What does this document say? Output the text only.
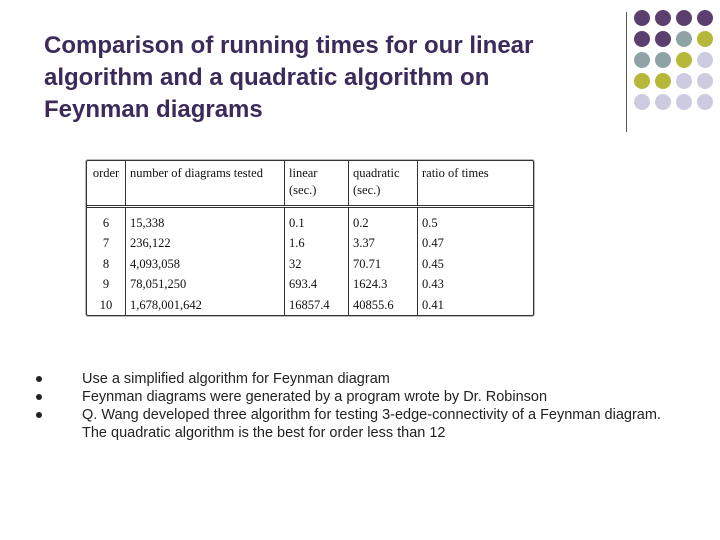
Comparison of running times for our linear
algorithm and a quadratic algorithm on
Feynman diagrams
order	number of diagrams tested	linear (sec.)	quadratic (sec.)	ratio of times
6	15,338	0.1	0.2	0.5
7	236,122	1.6	3.37	0.47
8	4,093,058	32	70.71	0.45
9	78,051,250	693.4	1624.3	0.43
10	1,678,001,642	16857.4	40855.6	0.41
Use a simplified algorithm for Feynman diagram
Feynman diagrams were generated by a program wrote by Dr. Robinson
Q. Wang developed three algorithm for testing 3-edge-connectivity of a Feynman diagram. The quadratic algorithm is the best for order less than 12
